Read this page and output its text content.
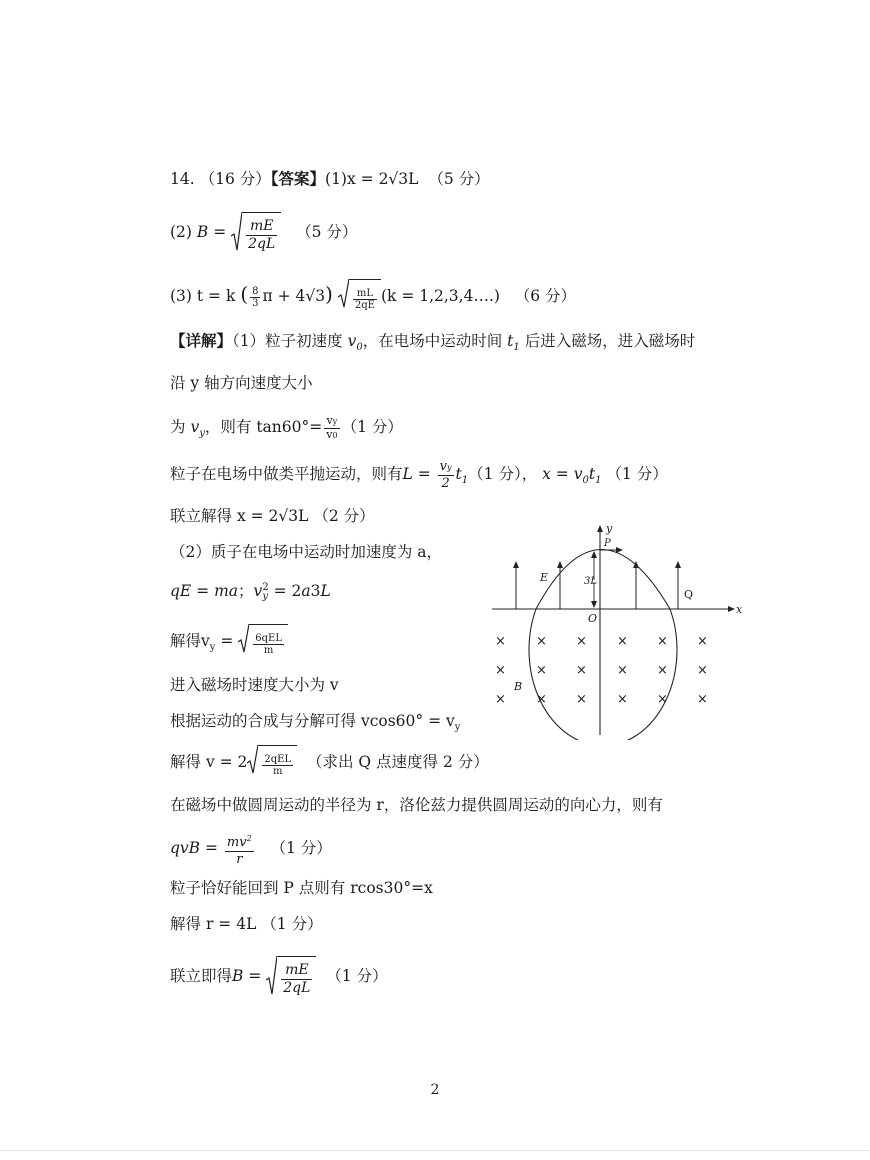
14. （16 分）【答案】(1)x = 2√3L （5 分）
(2) $B = \frac{mE}{2qL} (5$ 分）
(3) t = k ( $\frac{8}{3}$ $\pi + 4√3) \frac{mL}{2qE} (k$ = 1,2,3,4….) （6 分）
【详解】（1）粒子初速度 $v_0$，在电场中运动时间 $t_1$ 后进入磁场，进入磁场时
沿 y 轴方向速度大小
为 $v_y$，则有 $\tan 60^\circ= \frac{vy}{v0} (1$ 分）
粒子在电场中做类平抛运动，则有$L = \frac{vy}{2} t_1(1$ 分）， $x = v_0t_1$ （1 分）
联立解得 x = 2√3L （2 分）
（2）质子在电场中运动时加速度为 a，
qE = ma；v 2
y = 2a3L
解得$v_y = \frac{\text{6qEL}}{m}$
进入磁场时速度大小为 v
根据运动的合成与分解可得 $vcos60^\circ = v_y$
解得 $v = 2 \frac{\text{2qEL}}{m}$ （求出 Q 点速度得 2 分）
在磁场中做圆周运动的半径为 r，洛伦兹力提供圆周运动的向心力，则有
qvB = $\frac{mv^2}{r} (1$ 分）
粒子恰好能回到 P 点则有 rcos30°=x
解得 r = 4L （1 分）
联立即得$B = \frac{mE}{2qL} (1$ 分）
x
y
E	3L
P
O
Q
B
× × × × × ×
× × × × × ×
× × × × × ×
2
